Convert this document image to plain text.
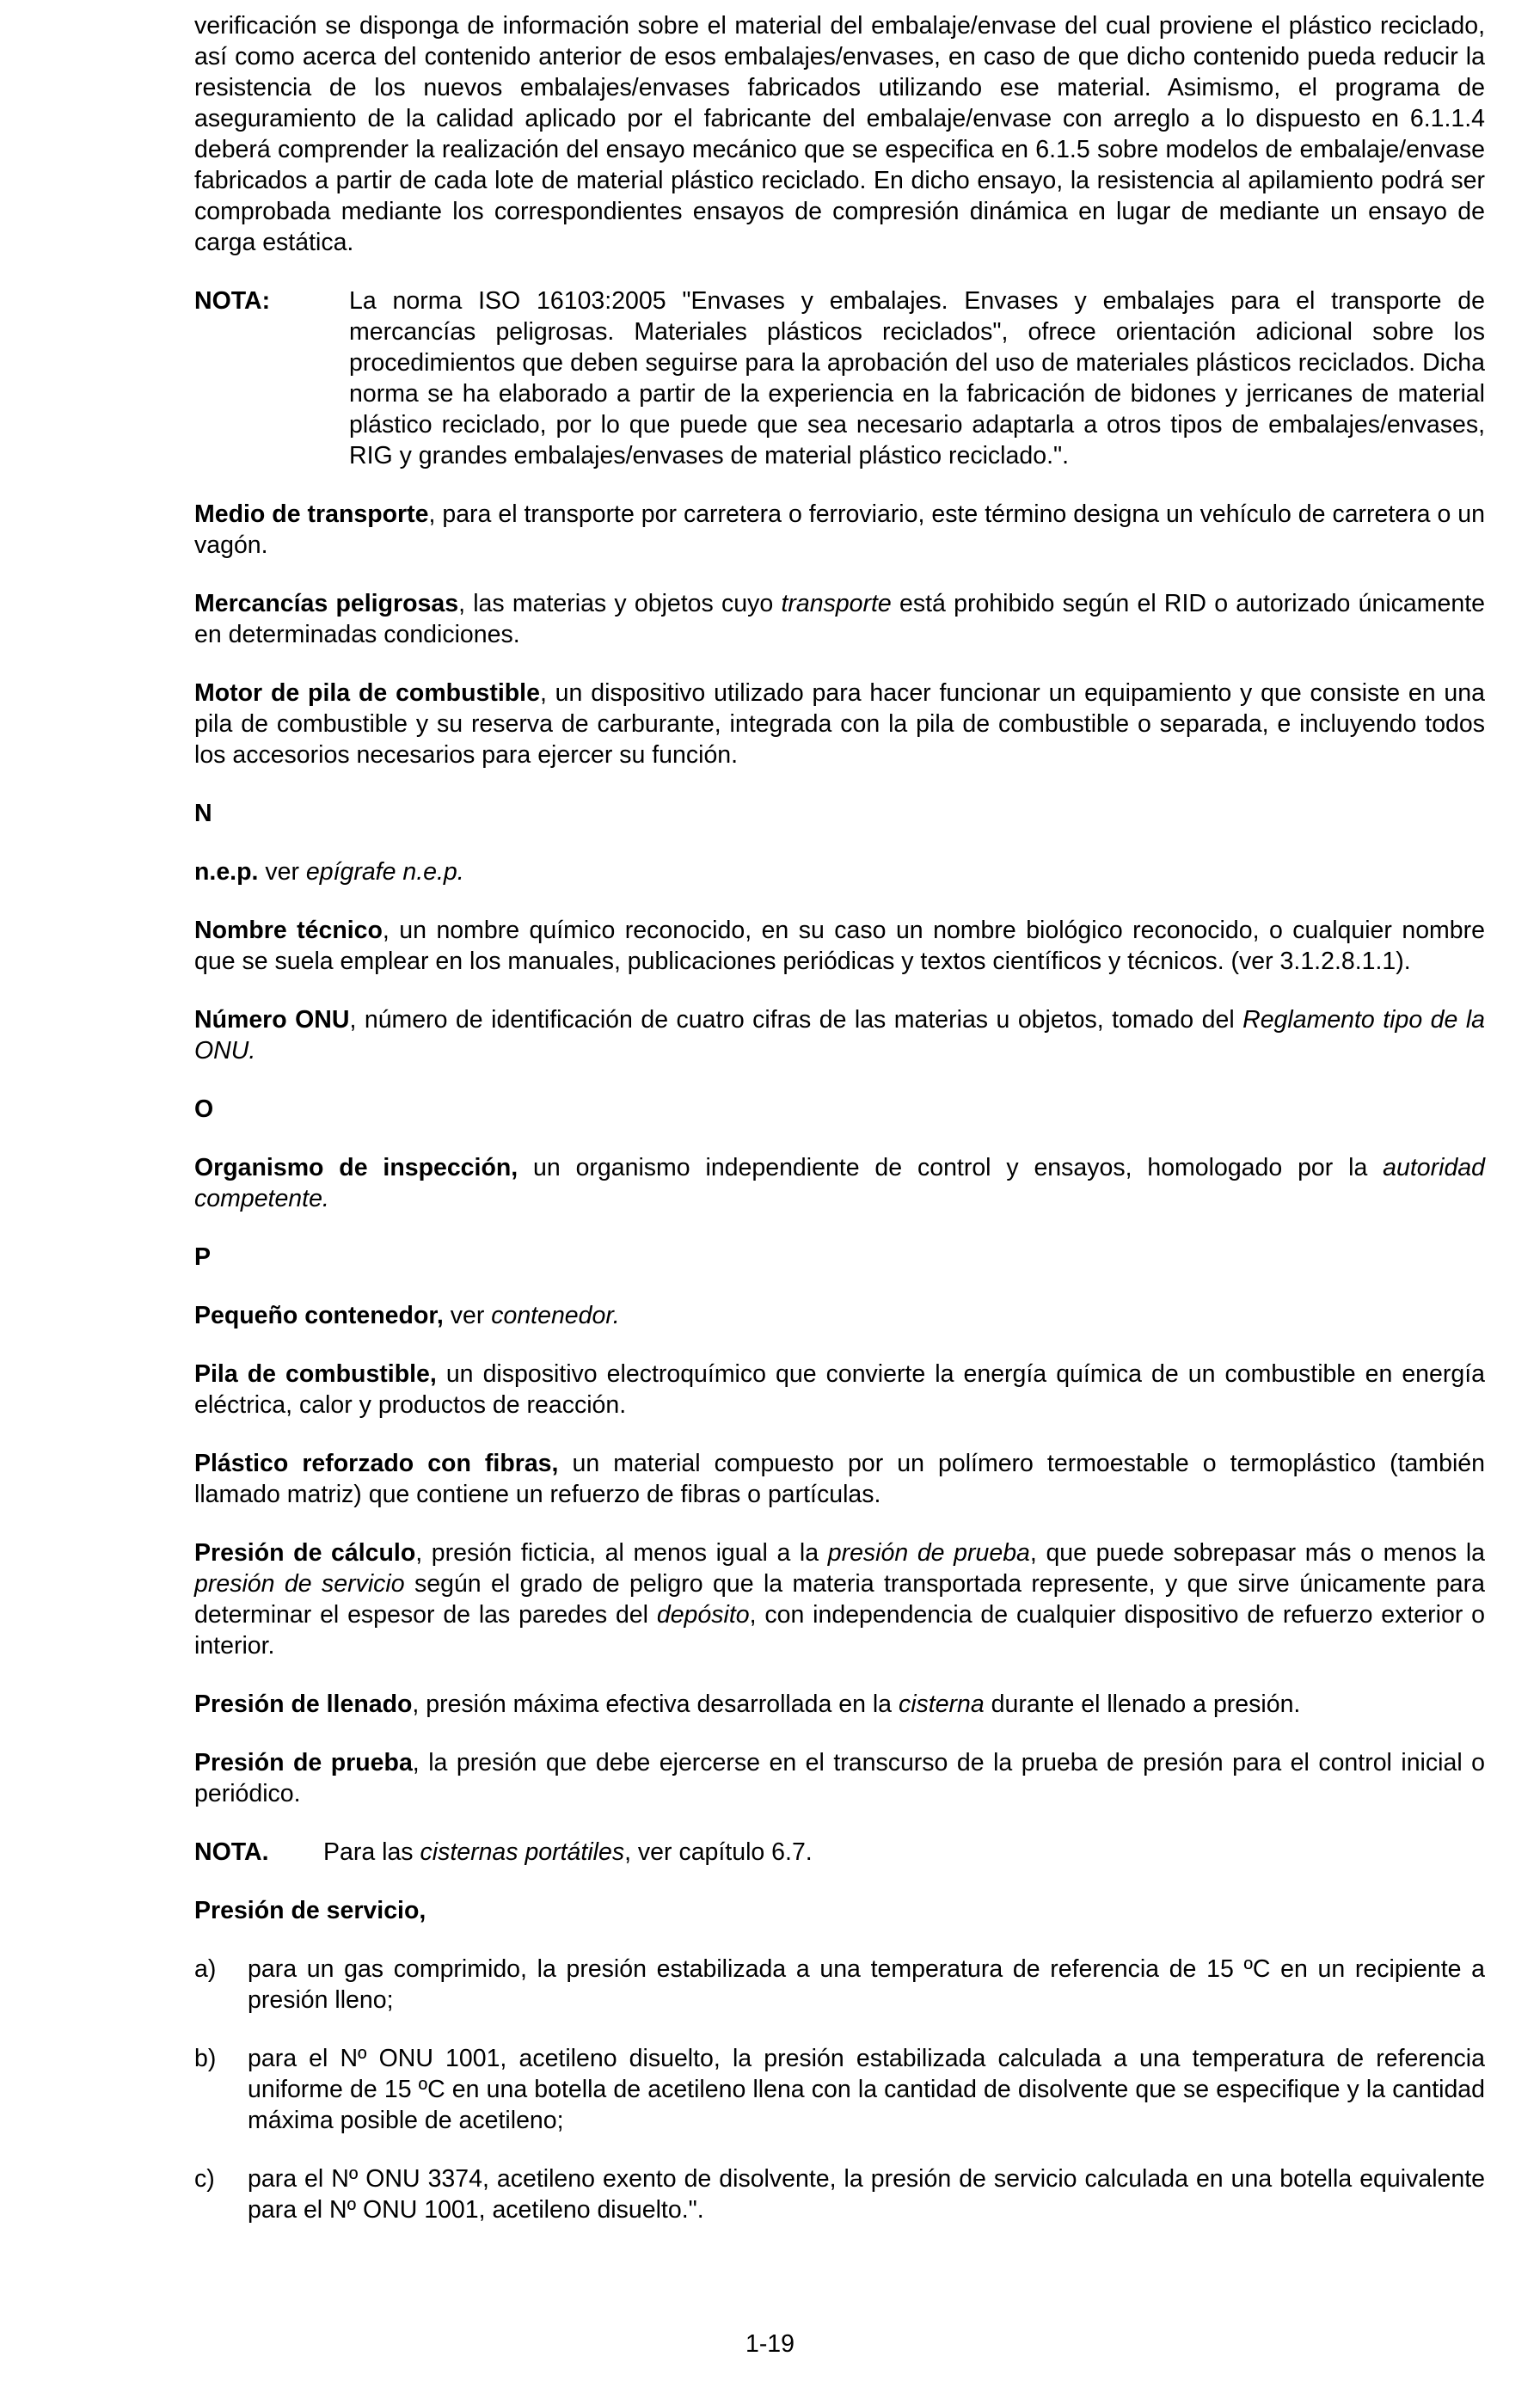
verificación se disponga de información sobre el material del embalaje/envase del cual proviene el plástico reciclado, así como acerca del contenido anterior de esos embalajes/envases, en caso de que dicho contenido pueda reducir la resistencia de los nuevos embalajes/envases fabricados utilizando ese material. Asimismo, el programa de aseguramiento de la calidad aplicado por el fabricante del embalaje/envase con arreglo a lo dispuesto en 6.1.1.4 deberá comprender la realización del ensayo mecánico que se especifica en 6.1.5 sobre modelos de embalaje/envase fabricados a partir de cada lote de material plástico reciclado. En dicho ensayo, la resistencia al apilamiento podrá ser comprobada mediante los correspondientes ensayos de compresión dinámica en lugar de mediante un ensayo de carga estática.

NOTA:	La norma ISO 16103:2005 "Envases y embalajes. Envases y embalajes para el transporte de mercancías peligrosas. Materiales plásticos reciclados", ofrece orientación adicional sobre los procedimientos que deben seguirse para la aprobación del uso de materiales plásticos reciclados. Dicha norma se ha elaborado a partir de la experiencia en la fabricación de bidones y jerricanes de material plástico reciclado, por lo que puede que sea necesario adaptarla a otros tipos de embalajes/envases, RIG y grandes embalajes/envases de material plástico reciclado.".

Medio de transporte, para el transporte por carretera o ferroviario, este término designa un vehículo de carretera o un vagón.

Mercancías peligrosas, las materias y objetos cuyo transporte está prohibido según el RID o autorizado únicamente en determinadas condiciones.

Motor de pila de combustible, un dispositivo utilizado para hacer funcionar un equipamiento y que consiste en una pila de combustible y su reserva de carburante, integrada con la pila de combustible o separada, e incluyendo todos los accesorios necesarios para ejercer su función.

N

n.e.p. ver epígrafe n.e.p.

Nombre técnico, un nombre químico reconocido, en su caso un nombre biológico reconocido, o cualquier nombre que se suela emplear en los manuales, publicaciones periódicas y textos científicos y técnicos. (ver 3.1.2.8.1.1).

Número ONU, número de identificación de cuatro cifras de las materias u objetos, tomado del Reglamento tipo de la ONU.

O

Organismo de inspección, un organismo independiente de control y ensayos, homologado por la autoridad competente.

P

Pequeño contenedor, ver contenedor.

Pila de combustible, un dispositivo electroquímico que convierte la energía química de un combustible en energía eléctrica, calor y productos de reacción.

Plástico reforzado con fibras, un material compuesto por un polímero termoestable o termoplástico (también llamado matriz) que contiene un refuerzo de fibras o partículas.

Presión de cálculo, presión ficticia, al menos igual a la presión de prueba, que puede sobrepasar más o menos la presión de servicio según el grado de peligro que la materia transportada represente, y que sirve únicamente para determinar el espesor de las paredes del depósito, con independencia de cualquier dispositivo de refuerzo exterior o interior.

Presión de llenado, presión máxima efectiva desarrollada en la cisterna durante el llenado a presión.

Presión de prueba, la presión que debe ejercerse en el transcurso de la prueba de presión para el control inicial o periódico.

NOTA.	Para las cisternas portátiles, ver capítulo 6.7.

Presión de servicio,

a)	para un gas comprimido, la presión estabilizada a una temperatura de referencia de 15 ºC en un recipiente a presión lleno;
b)	para el Nº ONU 1001, acetileno disuelto, la presión estabilizada calculada a una temperatura de referencia uniforme de 15 ºC en una botella de acetileno llena con la cantidad de disolvente que se especifique y la cantidad máxima posible de acetileno;
c)	para el Nº ONU 3374, acetileno exento de disolvente, la presión de servicio calculada en una botella equivalente para el Nº ONU 1001, acetileno disuelto.".
1-19
